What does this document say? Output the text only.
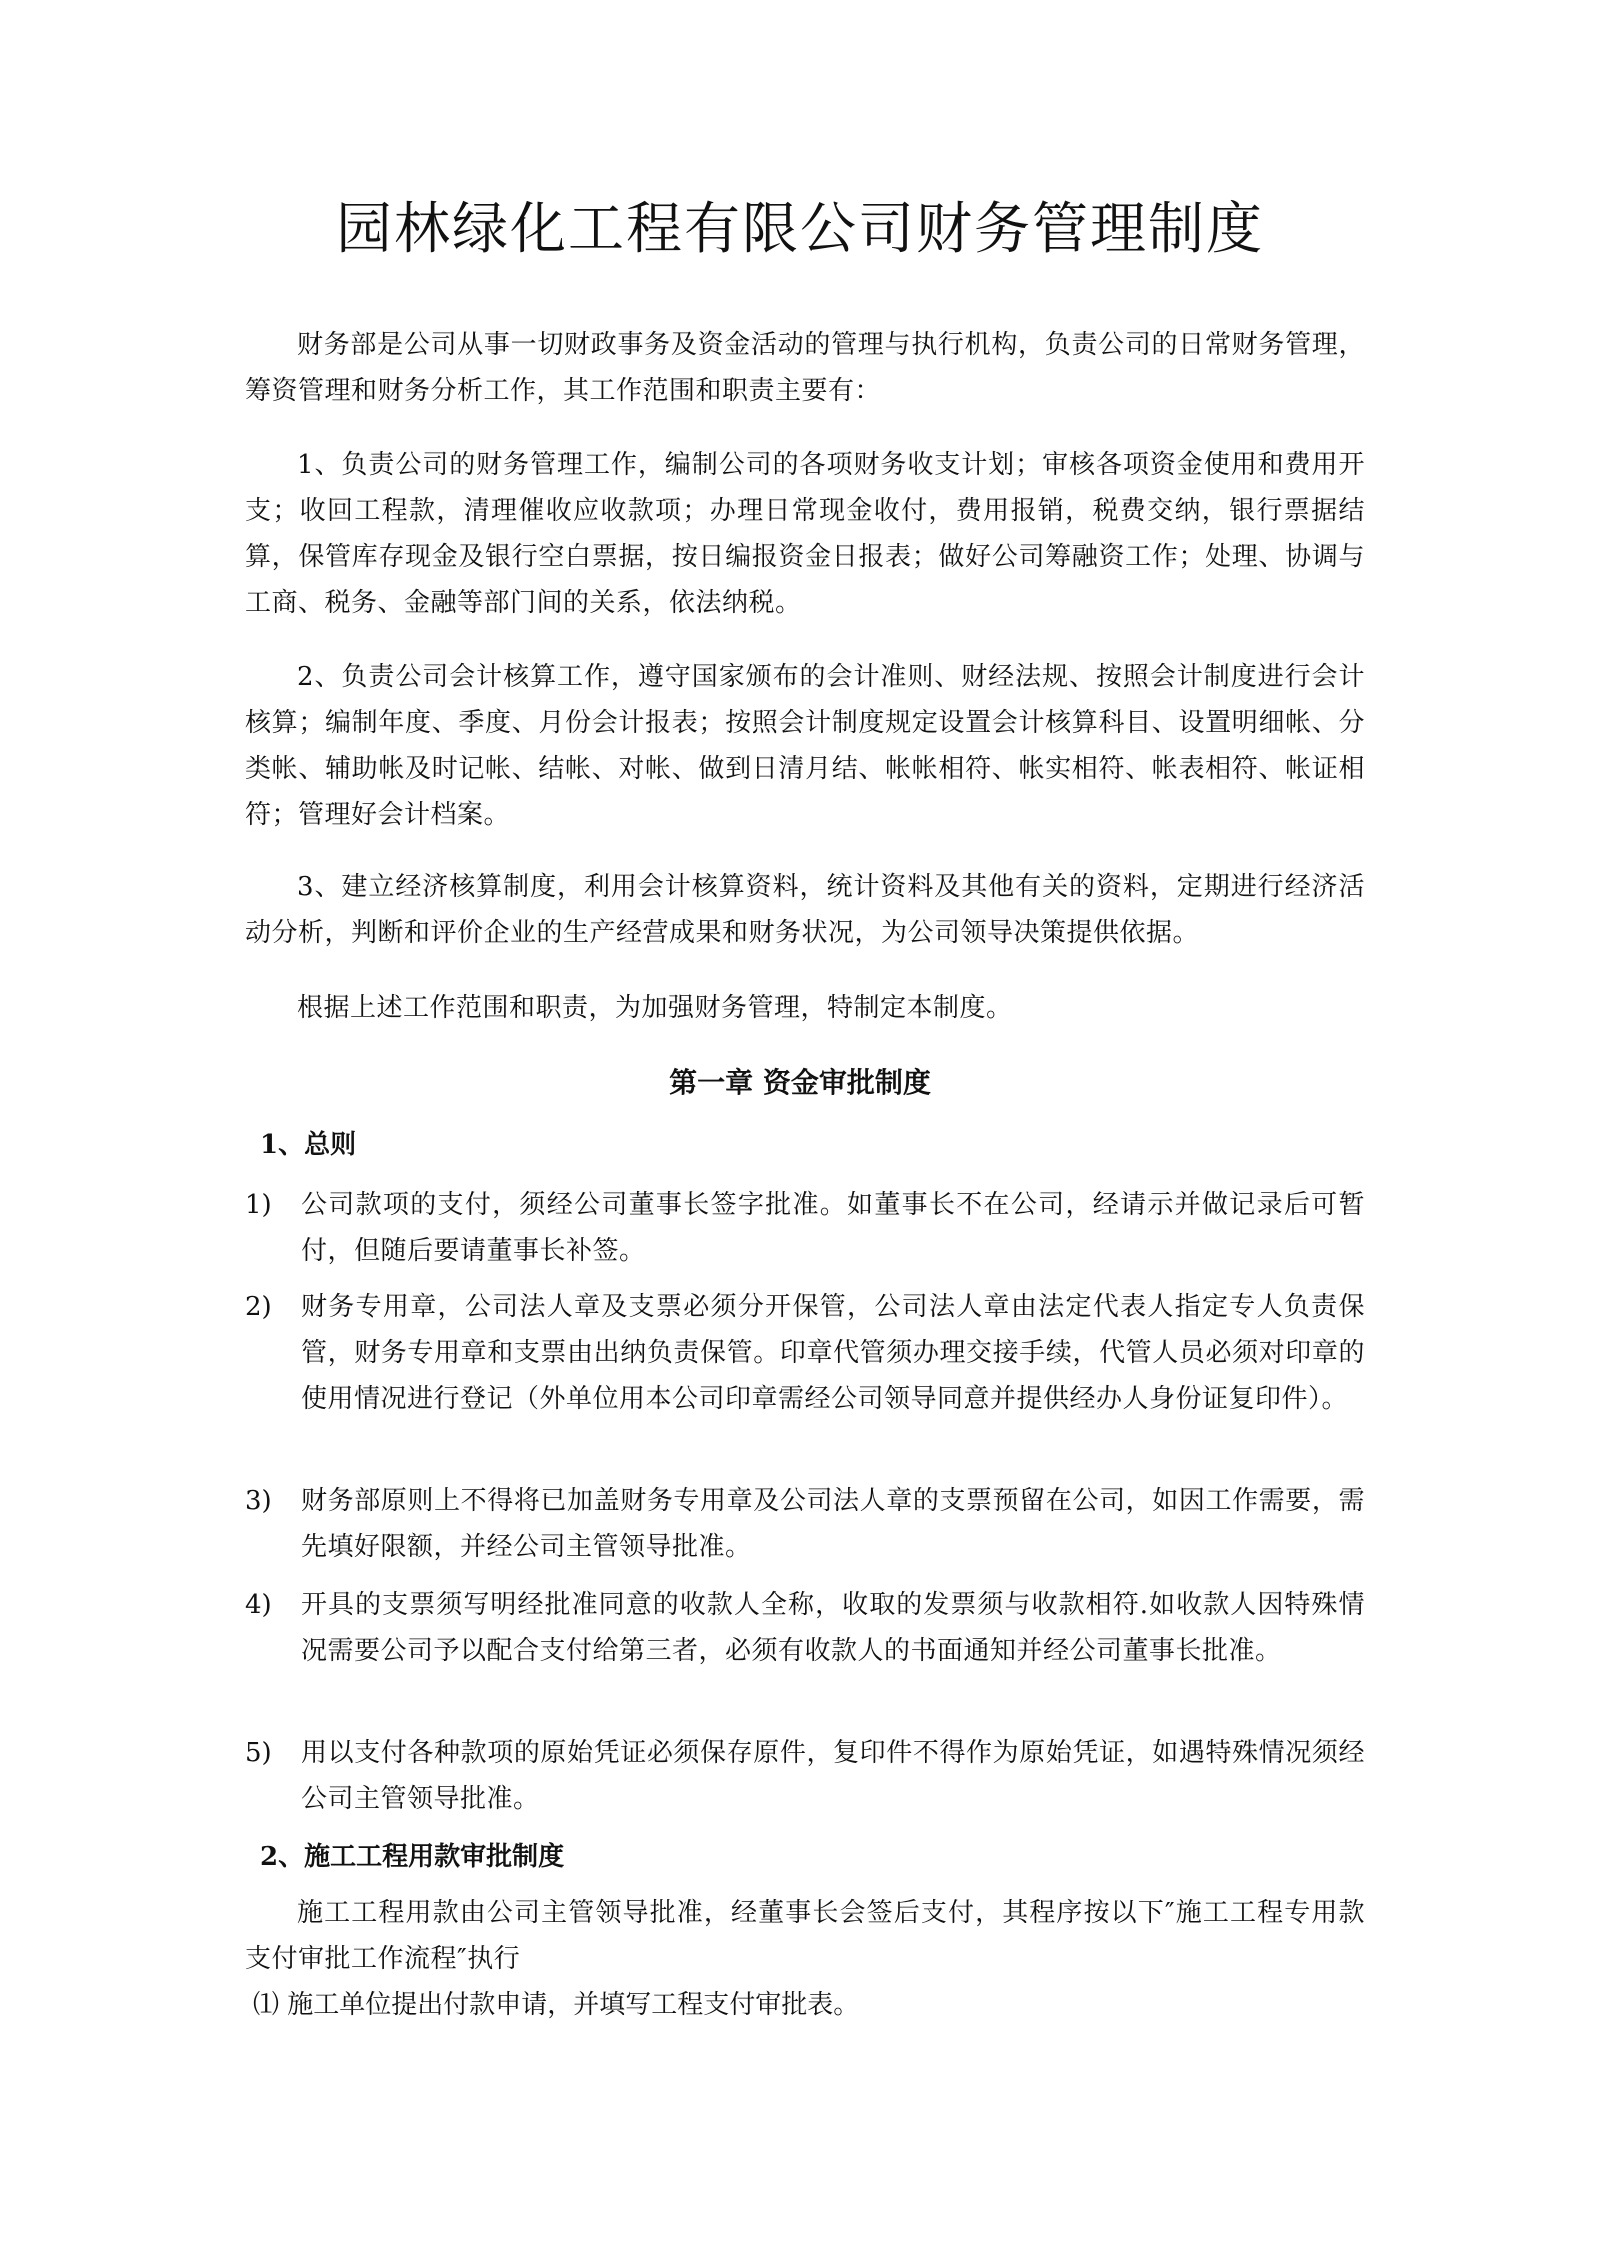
园林绿化工程有限公司财务管理制度

财务部是公司从事一切财政事务及资金活动的管理与执行机构，负责公司的日常财务管理，筹资管理和财务分析工作，其工作范围和职责主要有：

1、负责公司的财务管理工作，编制公司的各项财务收支计划；审核各项资金使用和费用开支；收回工程款，清理催收应收款项；办理日常现金收付，费用报销，税费交纳，银行票据结算，保管库存现金及银行空白票据，按日编报资金日报表；做好公司筹融资工作；处理、协调与工商、税务、金融等部门间的关系，依法纳税。

2、负责公司会计核算工作，遵守国家颁布的会计准则、财经法规、按照会计制度进行会计核算；编制年度、季度、月份会计报表；按照会计制度规定设置会计核算科目、设置明细帐、分类帐、辅助帐及时记帐、结帐、对帐、做到日清月结、帐帐相符、帐实相符、帐表相符、帐证相符；管理好会计档案。

3、建立经济核算制度，利用会计核算资料，统计资料及其他有关的资料，定期进行经济活动分析，判断和评价企业的生产经营成果和财务状况，为公司领导决策提供依据。

根据上述工作范围和职责，为加强财务管理，特制定本制度。

第一章 资金审批制度
1、总则
1)	公司款项的支付，须经公司董事长签字批准。如董事长不在公司，经请示并做记录后可暂付，但随后要请董事长补签。
2)	财务专用章，公司法人章及支票必须分开保管，公司法人章由法定代表人指定专人负责保管，财务专用章和支票由出纳负责保管。印章代管须办理交接手续，代管人员必须对印章的使用情况进行登记（外单位用本公司印章需经公司领导同意并提供经办人身份证复印件）。
3)	财务部原则上不得将已加盖财务专用章及公司法人章的支票预留在公司，如因工作需要，需先填好限额，并经公司主管领导批准。
4)	开具的支票须写明经批准同意的收款人全称，收取的发票须与收款相符.如收款人因特殊情况需要公司予以配合支付给第三者，必须有收款人的书面通知并经公司董事长批准。
5)	用以支付各种款项的原始凭证必须保存原件，复印件不得作为原始凭证，如遇特殊情况须经公司主管领导批准。
2、施工工程用款审批制度

施工工程用款由公司主管领导批准，经董事长会签后支付，其程序按以下″施工工程专用款支付审批工作流程″执行

⑴ 施工单位提出付款申请，并填写工程支付审批表。
